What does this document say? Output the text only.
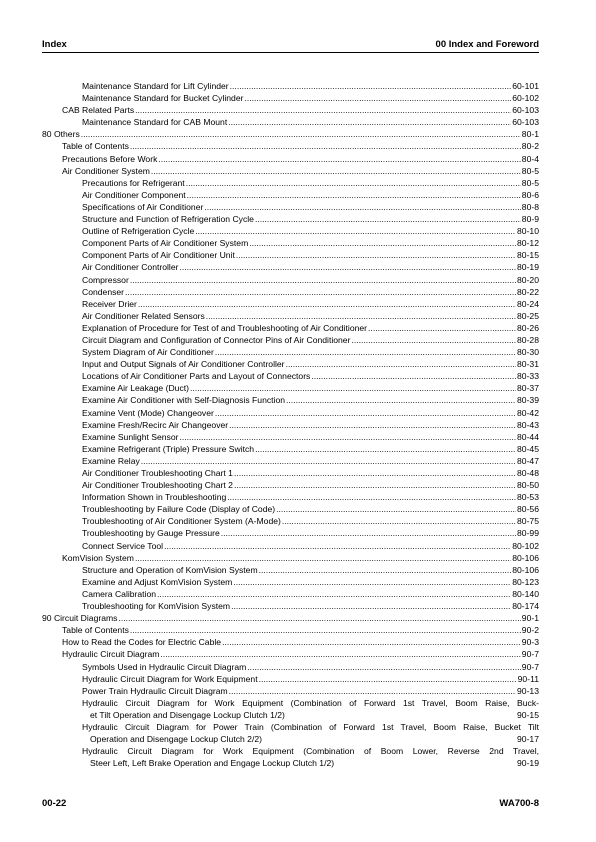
Index	00 Index and Foreword
Maintenance Standard for Lift Cylinder .....	60-101
Maintenance Standard for Bucket Cylinder .....	60-102
CAB Related Parts .....	60-103
Maintenance Standard for CAB Mount .....	60-103
80 Others .....	80-1
Table of Contents .....	80-2
Precautions Before Work .....	80-4
Air Conditioner System .....	80-5
Precautions for Refrigerant .....	80-5
Air Conditioner Component .....	80-6
Specifications of Air Conditioner .....	80-8
Structure and Function of Refrigeration Cycle .....	80-9
Outline of Refrigeration Cycle .....	80-10
Component Parts of Air Conditioner System .....	80-12
Component Parts of Air Conditioner Unit .....	80-15
Air Conditioner Controller .....	80-19
Compressor .....	80-20
Condenser .....	80-22
Receiver Drier .....	80-24
Air Conditioner Related Sensors .....	80-25
Explanation of Procedure for Test of and Troubleshooting of Air Conditioner .....	80-26
Circuit Diagram and Configuration of Connector Pins of Air Conditioner .....	80-28
System Diagram of Air Conditioner .....	80-30
Input and Output Signals of Air Conditioner Controller .....	80-31
Locations of Air Conditioner Parts and Layout of Connectors .....	80-33
Examine Air Leakage (Duct) .....	80-37
Examine Air Conditioner with Self-Diagnosis Function .....	80-39
Examine Vent (Mode) Changeover .....	80-42
Examine Fresh/Recirc Air Changeover .....	80-43
Examine Sunlight Sensor .....	80-44
Examine Refrigerant (Triple) Pressure Switch .....	80-45
Examine Relay .....	80-47
Air Conditioner Troubleshooting Chart 1 .....	80-48
Air Conditioner Troubleshooting Chart 2 .....	80-50
Information Shown in Troubleshooting .....	80-53
Troubleshooting by Failure Code (Display of Code) .....	80-56
Troubleshooting of Air Conditioner System (A-Mode) .....	80-75
Troubleshooting by Gauge Pressure .....	80-99
Connect Service Tool .....	80-102
KomVision System .....	80-106
Structure and Operation of KomVision System .....	80-106
Examine and Adjust KomVision System .....	80-123
Camera Calibration .....	80-140
Troubleshooting for KomVision System .....	80-174
90 Circuit Diagrams .....	90-1
Table of Contents .....	90-2
How to Read the Codes for Electric Cable .....	90-3
Hydraulic Circuit Diagram .....	90-7
Symbols Used in Hydraulic Circuit Diagram .....	90-7
Hydraulic Circuit Diagram for Work Equipment .....	90-11
Power Train Hydraulic Circuit Diagram .....	90-13
Hydraulic Circuit Diagram for Work Equipment (Combination of Forward 1st Travel, Boom Raise, Buck-
et Tilt Operation and Disengage Lockup Clutch 1/2)	90-15
Hydraulic Circuit Diagram for Power Train (Combination of Forward 1st Travel, Boom Raise, Bucket Tilt
Operation and Disengage Lockup Clutch 2/2)	90-17
Hydraulic Circuit Diagram for Work Equipment (Combination of Boom Lower, Reverse 2nd Travel,
Steer Left, Left Brake Operation and Engage Lockup Clutch 1/2)	90-19
00-22	WA700-8
